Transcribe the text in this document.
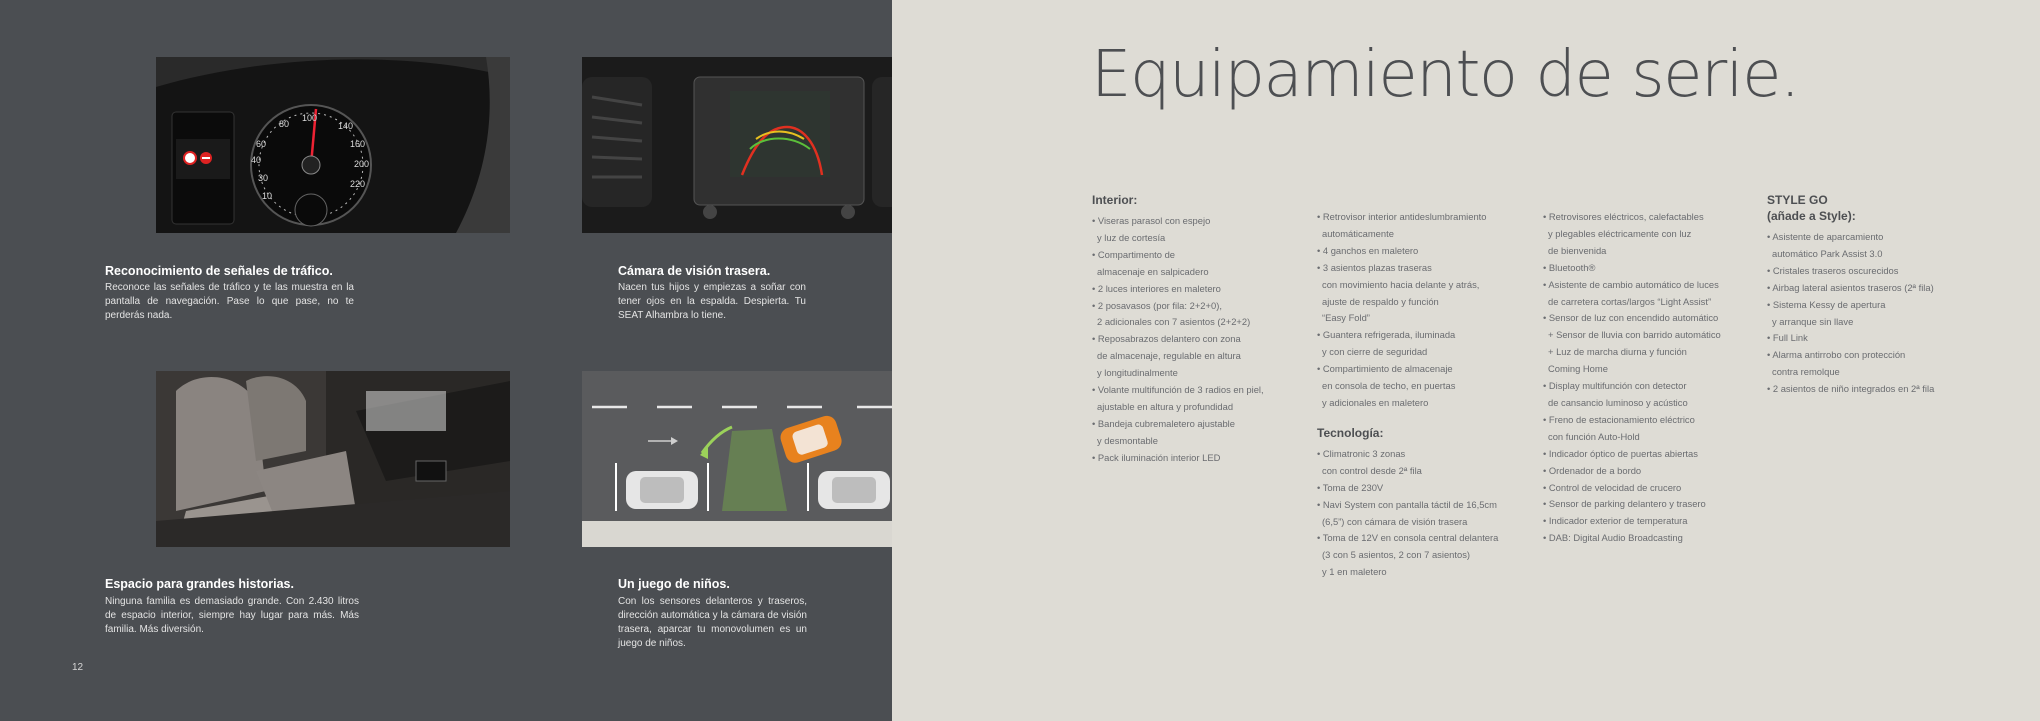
60
80
100
140
160
200
220
30
10
40

Reconocimiento de señales de tráfico.

Reconoce las señales de tráfico y te las muestra en la pantalla de navegación. Pase lo que pase, no te perderás nada.

Cámara de visión trasera.

Nacen tus hijos y empiezas a soñar con tener ojos en la espalda. Despierta. Tu SEAT Alhambra lo tiene.

Espacio para grandes historias.

Ninguna familia es demasiado grande. Con 2.430 litros de espacio interior, siempre hay lugar para más. Más familia. Más diversión.

Un juego de niños.

Con los sensores delanteros y traseros, dirección automática y la cámara de visión trasera, aparcar tu monovolumen es un juego de niños.

12
Equipamiento de serie.
Interior:
• Viseras parasol con espejo
y luz de cortesía
• Compartimento de
almacenaje en salpicadero
• 2 luces interiores en maletero
• 2 posavasos (por fila: 2+2+0),
2 adicionales con 7 asientos (2+2+2)
• Reposabrazos delantero con zona
de almacenaje, regulable en altura
y longitudinalmente
• Volante multifunción de 3 radios en piel,
ajustable en altura y profundidad
• Bandeja cubremaletero ajustable
y desmontable
• Pack iluminación interior LED
• Retrovisor interior antideslumbramiento
automáticamente
• 4 ganchos en maletero
• 3 asientos plazas traseras
con movimiento hacia delante y atrás,
ajuste de respaldo y función
“Easy Fold”
• Guantera refrigerada, iluminada
y con cierre de seguridad
• Compartimiento de almacenaje
en consola de techo, en puertas
y adicionales en maletero
Tecnología:
• Climatronic 3 zonas
con control desde 2ª fila
• Toma de 230V
• Navi System con pantalla táctil de 16,5cm
(6,5”) con cámara de visión trasera
• Toma de 12V en consola central delantera
(3 con 5 asientos, 2 con 7 asientos)
y 1 en maletero
• Retrovisores eléctricos, calefactables
y plegables eléctricamente con luz
de bienvenida
• Bluetooth®
• Asistente de cambio automático de luces
de carretera cortas/largos “Light Assist”
• Sensor de luz con encendido automático
+ Sensor de lluvia con barrido automático
+ Luz de marcha diurna y función
Coming Home
• Display multifunción con detector
de cansancio luminoso y acústico
• Freno de estacionamiento eléctrico
con función Auto-Hold
• Indicador óptico de puertas abiertas
• Ordenador de a bordo
• Control de velocidad de crucero
• Sensor de parking delantero y trasero
• Indicador exterior de temperatura
• DAB: Digital Audio Broadcasting
STYLE GO
(añade a Style):
• Asistente de aparcamiento
automático Park Assist 3.0
• Cristales traseros oscurecidos
• Airbag lateral asientos traseros (2ª fila)
• Sistema Kessy de apertura
y arranque sin llave
• Full Link
• Alarma antirrobo con protección
contra remolque
• 2 asientos de niño integrados en 2ª fila
